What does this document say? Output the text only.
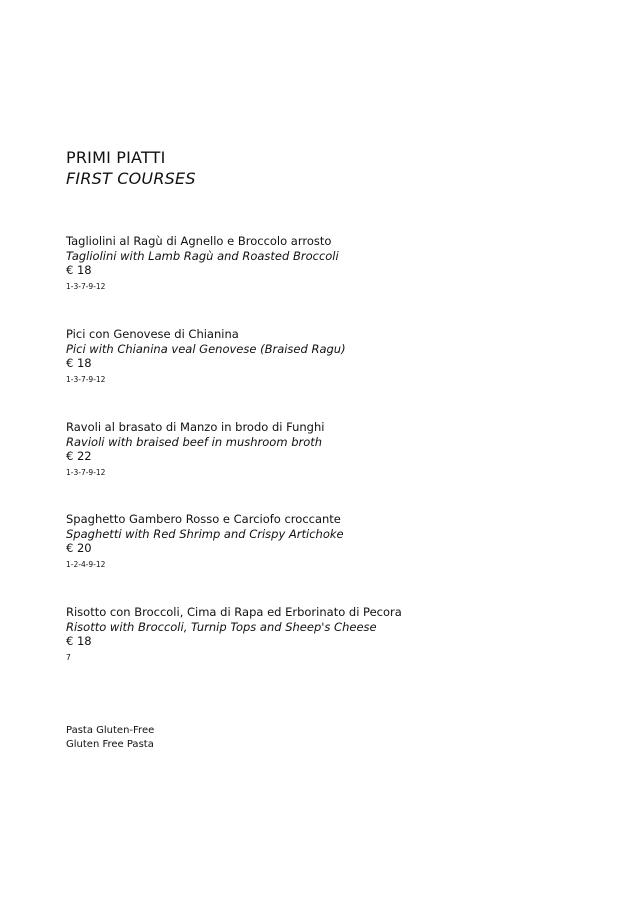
PRIMI PIATTI
FIRST COURSES
Tagliolini al Ragù di Agnello e Broccolo arrosto
Tagliolini with Lamb Ragù and Roasted Broccoli
€ 18
1-3-7-9-12
Pici con Genovese di Chianina
Pici with Chianina veal Genovese (Braised Ragu)
€ 18
1-3-7-9-12
Ravoli al brasato di Manzo in brodo di Funghi
Ravioli with braised beef in mushroom broth
€ 22
1-3-7-9-12
Spaghetto Gambero Rosso e Carciofo croccante
Spaghetti with Red Shrimp and Crispy Artichoke
€ 20
1-2-4-9-12
Risotto con Broccoli, Cima di Rapa ed Erborinato di Pecora
Risotto with Broccoli, Turnip Tops and Sheep's Cheese
€ 18
7
Pasta Gluten-Free
Gluten Free Pasta
